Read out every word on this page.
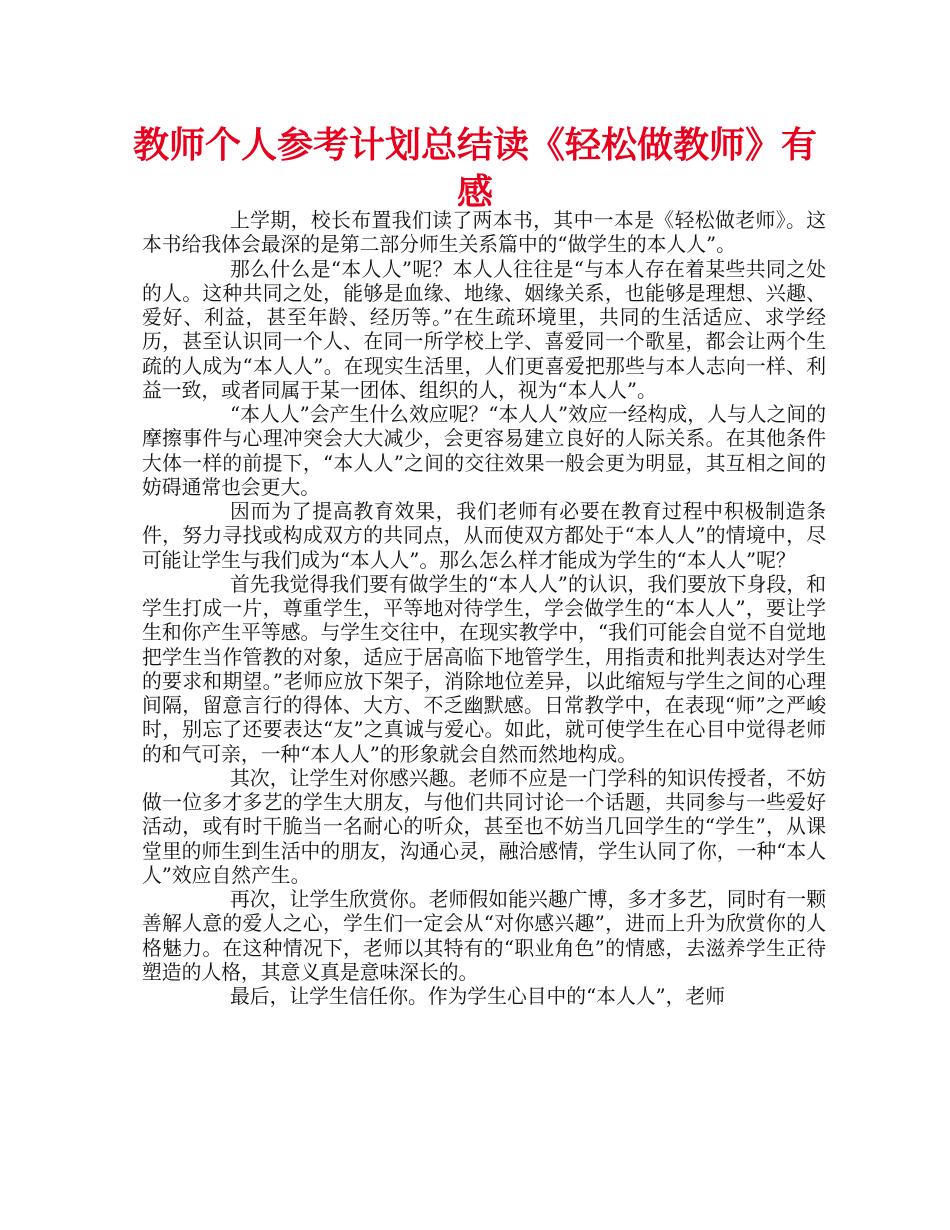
教师个人参考计划总结读《轻松做教师》有感

上学期，校长布置我们读了两本书，其中一本是《轻松做老师》。这本书给我体会最深的是第二部分师生关系篇中的“做学生的本人人”。

那么什么是“本人人”呢？本人人往往是“与本人存在着某些共同之处的人。这种共同之处，能够是血缘、地缘、姻缘关系，也能够是理想、兴趣、爱好、利益，甚至年龄、经历等。”在生疏环境里，共同的生活适应、求学经历，甚至认识同一个人、在同一所学校上学、喜爱同一个歌星，都会让两个生疏的人成为“本人人”。在现实生活里，人们更喜爱把那些与本人志向一样、利益一致，或者同属于某一团体、组织的人，视为“本人人”。

“本人人”会产生什么效应呢？“本人人”效应一经构成，人与人之间的摩擦事件与心理冲突会大大减少，会更容易建立良好的人际关系。在其他条件大体一样的前提下，“本人人”之间的交往效果一般会更为明显，其互相之间的妨碍通常也会更大。

因而为了提高教育效果，我们老师有必要在教育过程中积极制造条件，努力寻找或构成双方的共同点，从而使双方都处于“本人人”的情境中，尽可能让学生与我们成为“本人人”。那么怎么样才能成为学生的“本人人”呢？

首先我觉得我们要有做学生的“本人人”的认识，我们要放下身段，和学生打成一片，尊重学生，平等地对待学生，学会做学生的“本人人”，要让学生和你产生平等感。与学生交往中，在现实教学中，“我们可能会自觉不自觉地把学生当作管教的对象，适应于居高临下地管学生，用指责和批判表达对学生的要求和期望。”老师应放下架子，消除地位差异，以此缩短与学生之间的心理间隔，留意言行的得体、大方、不乏幽默感。日常教学中，在表现“师”之严峻时，别忘了还要表达“友”之真诚与爱心。如此，就可使学生在心目中觉得老师的和气可亲，一种“本人人”的形象就会自然而然地构成。

其次，让学生对你感兴趣。老师不应是一门学科的知识传授者，不妨做一位多才多艺的学生大朋友，与他们共同讨论一个话题，共同参与一些爱好活动，或有时干脆当一名耐心的听众，甚至也不妨当几回学生的“学生”，从课堂里的师生到生活中的朋友，沟通心灵，融洽感情，学生认同了你，一种“本人人”效应自然产生。

再次，让学生欣赏你。老师假如能兴趣广博，多才多艺，同时有一颗善解人意的爱人之心，学生们一定会从“对你感兴趣”，进而上升为欣赏你的人格魅力。在这种情况下，老师以其特有的“职业角色”的情感，去滋养学生正待塑造的人格，其意义真是意味深长的。

最后，让学生信任你。作为学生心目中的“本人人”，老师
